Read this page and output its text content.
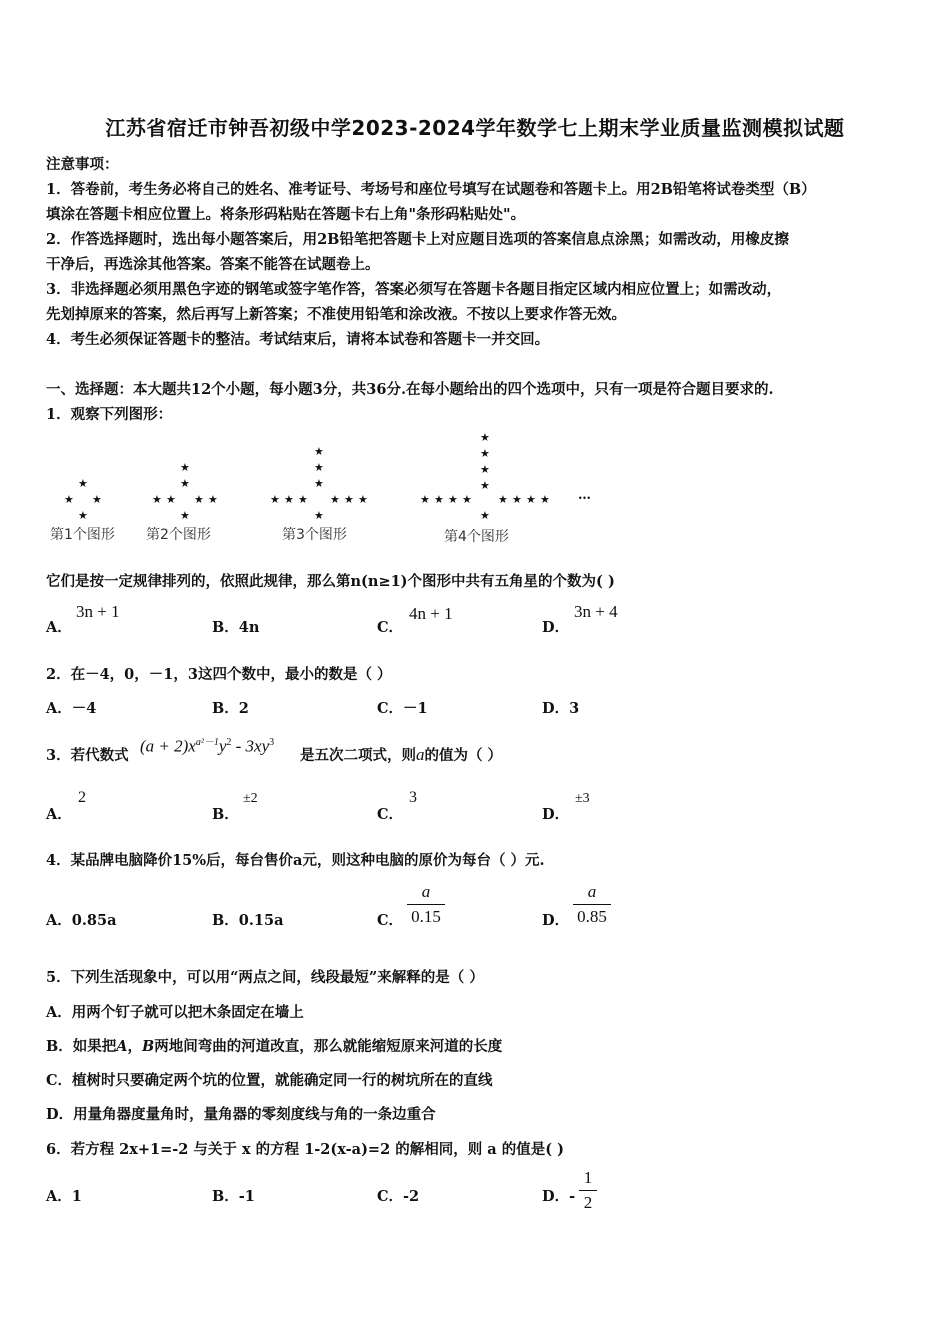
江苏省宿迁市钟吾初级中学2023-2024学年数学七上期末学业质量监测模拟试题
注意事项：
1．答卷前，考生务必将自己的姓名、准考证号、考场号和座位号填写在试题卷和答题卡上。用2B铅笔将试卷类型（B）
填涂在答题卡相应位置上。将条形码粘贴在答题卡右上角"条形码粘贴处"。
2．作答选择题时，选出每小题答案后，用2B铅笔把答题卡上对应题目选项的答案信息点涂黑；如需改动，用橡皮擦
干净后，再选涂其他答案。答案不能答在试题卷上。
3．非选择题必须用黑色字迹的钢笔或签字笔作答，答案必须写在答题卡各题目指定区域内相应位置上；如需改动，
先划掉原来的答案，然后再写上新答案；不准使用铅笔和涂改液。不按以上要求作答无效。
4．考生必须保证答题卡的整洁。考试结束后，请将本试卷和答题卡一并交回。
一、选择题：本大题共12个小题，每小题3分，共36分.在每小题给出的四个选项中，只有一项是符合题目要求的.
1．观察下列图形：
★
★ ★
★
★
★
★ ★ ★ ★
★
★
★
★
★ ★ ★ ★ ★ ★
★
★
★
★
★
★ ★ ★ ★ ★ ★ ★ ★
★
…
第1个图形 第2个图形	第3个图形	第4个图形
它们是按一定规律排列的，依照此规律，那么第n(n≥1)个图形中共有五角星的个数为( )
A．
3n + 1
B．4n	C．
4n + 1
D．
3n + 4
2．在－4，0，－1，3这四个数中，最小的数是（ ）
A．－4	B．2	C．－1	D．3
3．若代数式 $(a + 2)x^{a^2-1}y^2 - 3xy^3$
是五次二项式，则a的值为（ ）
A．
2
B．
±2
C．
3
D．
±3
4．某品牌电脑降价15%后，每台售价a元，则这种电脑的原价为每台（ ）元.
A．0.85a	B．0.15a	C．
a
0.15	D．
a
0.85
5．下列生活现象中，可以用“两点之间，线段最短”来解释的是（ ）
A．用两个钉子就可以把木条固定在墙上
B．如果把A，B两地间弯曲的河道改直，那么就能缩短原来河道的长度
C．植树时只要确定两个坑的位置，就能确定同一行的树坑所在的直线
D．用量角器度量角时，量角器的零刻度线与角的一条边重合
6．若方程 2x+1=-2 与关于 x 的方程 1-2(x-a)=2 的解相同，则 a 的值是( )
A．1	B．-1	C．-2	D．-
1
2
